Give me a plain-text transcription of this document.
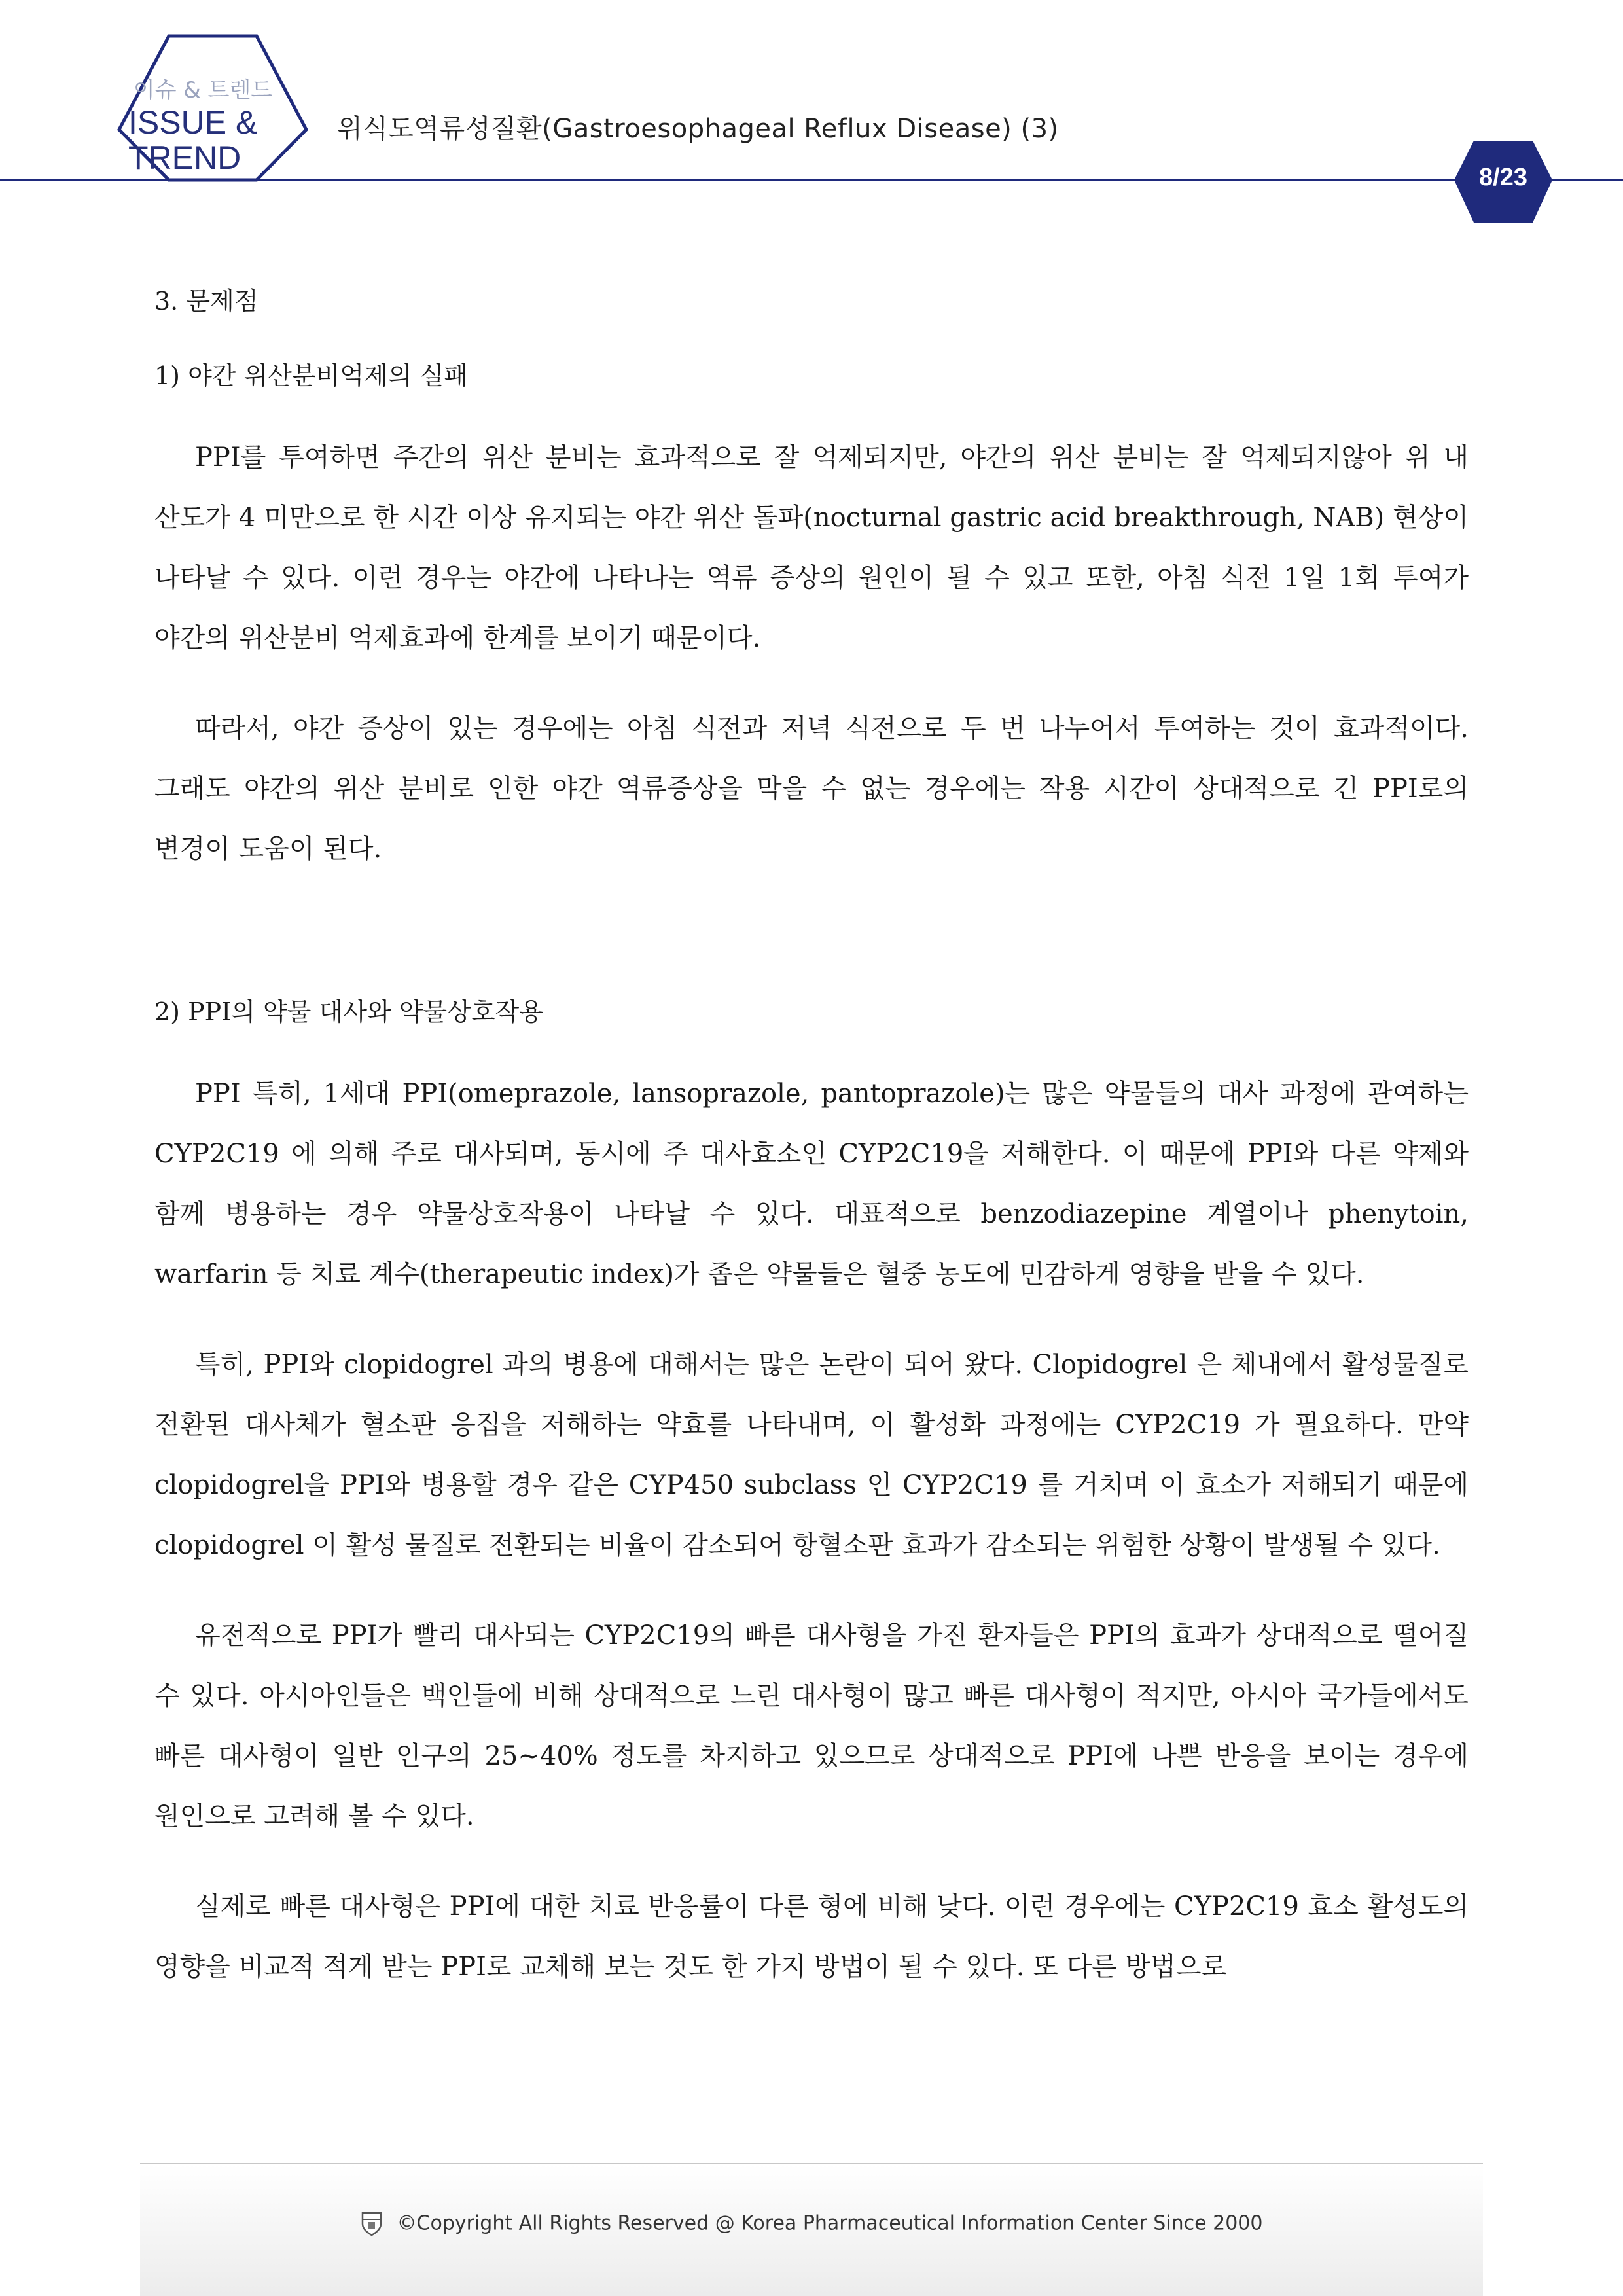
이슈 & 트렌드
ISSUE &
TREND
위식도역류성질환(Gastroesophageal Reflux Disease) (3)
8/23
3. 문제점
1) 야간 위산분비억제의 실패

PPI를 투여하면 주간의 위산 분비는 효과적으로 잘 억제되지만, 야간의 위산 분비는 잘 억제되지않아 위 내 산도가 4 미만으로 한 시간 이상 유지되는 야간 위산 돌파(nocturnal gastric acid breakthrough, NAB) 현상이 나타날 수 있다. 이런 경우는 야간에 나타나는 역류 증상의 원인이 될 수 있고 또한, 아침 식전 1일 1회 투여가 야간의 위산분비 억제효과에 한계를 보이기 때문이다.

따라서, 야간 증상이 있는 경우에는 아침 식전과 저녁 식전으로 두 번 나누어서 투여하는 것이 효과적이다. 그래도 야간의 위산 분비로 인한 야간 역류증상을 막을 수 없는 경우에는 작용 시간이 상대적으로 긴 PPI로의 변경이 도움이 된다.

2) PPI의 약물 대사와 약물상호작용

PPI 특히, 1세대 PPI(omeprazole, lansoprazole, pantoprazole)는 많은 약물들의 대사 과정에 관여하는 CYP2C19 에 의해 주로 대사되며, 동시에 주 대사효소인 CYP2C19을 저해한다. 이 때문에 PPI와 다른 약제와 함께 병용하는 경우 약물상호작용이 나타날 수 있다. 대표적으로 benzodiazepine 계열이나 phenytoin, warfarin 등 치료 계수(therapeutic index)가 좁은 약물들은 혈중 농도에 민감하게 영향을 받을 수 있다.

특히, PPI와 clopidogrel 과의 병용에 대해서는 많은 논란이 되어 왔다. Clopidogrel 은 체내에서 활성물질로 전환된 대사체가 혈소판 응집을 저해하는 약효를 나타내며, 이 활성화 과정에는 CYP2C19 가 필요하다. 만약 clopidogrel을 PPI와 병용할 경우 같은 CYP450 subclass 인 CYP2C19 를 거치며 이 효소가 저해되기 때문에 clopidogrel 이 활성 물질로 전환되는 비율이 감소되어 항혈소판 효과가 감소되는 위험한 상황이 발생될 수 있다.

유전적으로 PPI가 빨리 대사되는 CYP2C19의 빠른 대사형을 가진 환자들은 PPI의 효과가 상대적으로 떨어질 수 있다. 아시아인들은 백인들에 비해 상대적으로 느린 대사형이 많고 빠른 대사형이 적지만, 아시아 국가들에서도 빠른 대사형이 일반 인구의 25~40% 정도를 차지하고 있으므로 상대적으로 PPI에 나쁜 반응을 보이는 경우에 원인으로 고려해 볼 수 있다.

실제로 빠른 대사형은 PPI에 대한 치료 반응률이 다른 형에 비해 낮다. 이런 경우에는 CYP2C19 효소 활성도의 영향을 비교적 적게 받는 PPI로 교체해 보는 것도 한 가지 방법이 될 수 있다. 또 다른 방법으로

©Copyright All Rights Reserved @ Korea Pharmaceutical Information Center Since 2000
